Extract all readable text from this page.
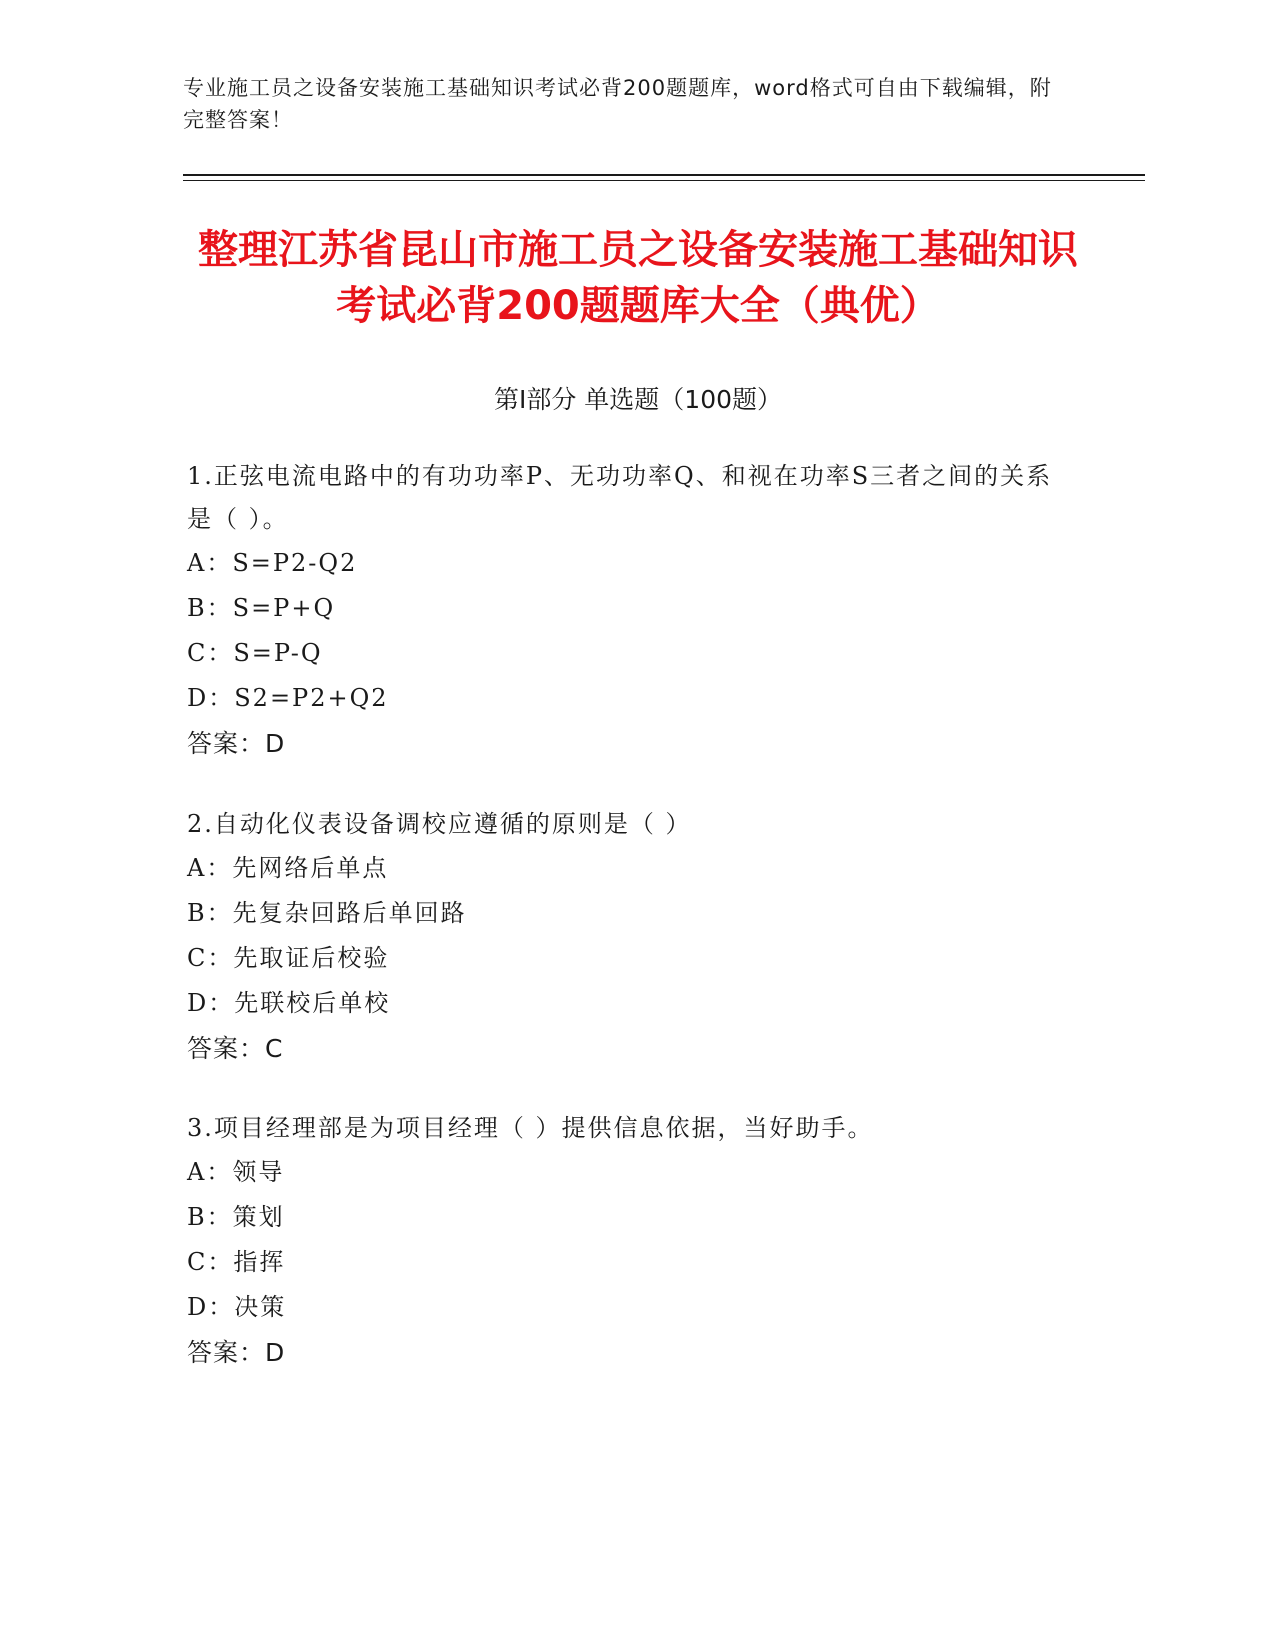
专业施工员之设备安装施工基础知识考试必背200题题库，word格式可自由下载编辑，附完整答案！
整理江苏省昆山市施工员之设备安装施工基础知识考试必背200题题库大全（典优）
第Ⅰ部分 单选题（100题）
1.正弦电流电路中的有功功率P、无功功率Q、和视在功率S三者之间的关系是（ ）。
A：S=P2-Q2
B：S=P+Q
C：S=P-Q
D：S2=P2+Q2
答案：D
2.自动化仪表设备调校应遵循的原则是（ ）
A：先网络后单点
B：先复杂回路后单回路
C：先取证后校验
D：先联校后单校
答案：C
3.项目经理部是为项目经理（ ）提供信息依据，当好助手。
A：领导
B：策划
C：指挥
D：决策
答案：D
